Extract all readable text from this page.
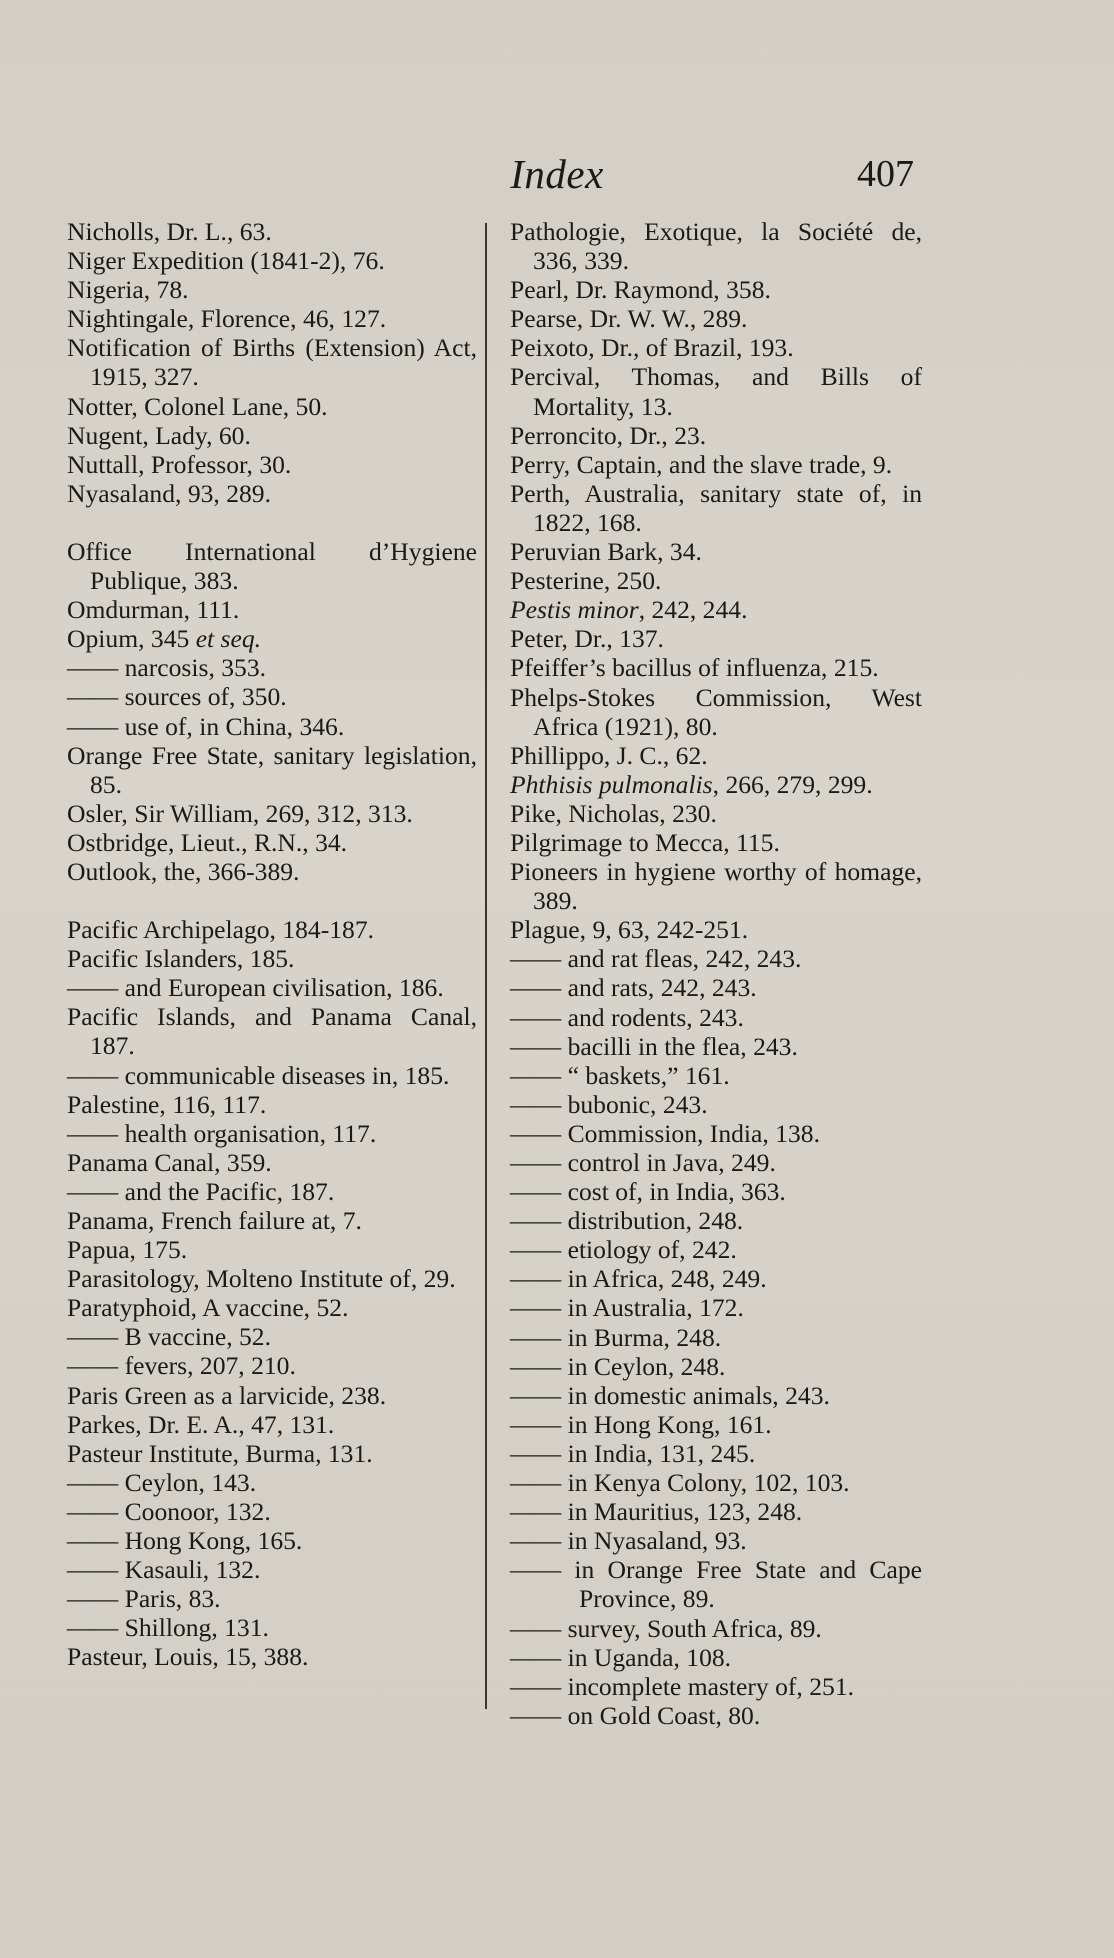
Index	407
Nicholls, Dr. L., 63.
Niger Expedition (1841-2), 76.
Nigeria, 78.
Nightingale, Florence, 46, 127.
Notification of Births (Extension) Act, 1915, 327.
Notter, Colonel Lane, 50.
Nugent, Lady, 60.
Nuttall, Professor, 30.
Nyasaland, 93, 289.
Office International d’Hygiene Publique, 383.
Omdurman, 111.
Opium, 345 et seq.
—— narcosis, 353.
—— sources of, 350.
—— use of, in China, 346.
Orange Free State, sanitary legislation, 85.
Osler, Sir William, 269, 312, 313.
Ostbridge, Lieut., R.N., 34.
Outlook, the, 366-389.
Pacific Archipelago, 184-187.
Pacific Islanders, 185.
—— and European civilisation, 186.
Pacific Islands, and Panama Canal, 187.
—— communicable diseases in, 185.
Palestine, 116, 117.
—— health organisation, 117.
Panama Canal, 359.
—— and the Pacific, 187.
Panama, French failure at, 7.
Papua, 175.
Parasitology, Molteno Institute of, 29.
Paratyphoid, A vaccine, 52.
—— B vaccine, 52.
—— fevers, 207, 210.
Paris Green as a larvicide, 238.
Parkes, Dr. E. A., 47, 131.
Pasteur Institute, Burma, 131.
—— Ceylon, 143.
—— Coonoor, 132.
—— Hong Kong, 165.
—— Kasauli, 132.
—— Paris, 83.
—— Shillong, 131.
Pasteur, Louis, 15, 388.
Pathologie, Exotique, la Société de, 336, 339.
Pearl, Dr. Raymond, 358.
Pearse, Dr. W. W., 289.
Peixoto, Dr., of Brazil, 193.
Percival, Thomas, and Bills of Mortality, 13.
Perroncito, Dr., 23.
Perry, Captain, and the slave trade, 9.
Perth, Australia, sanitary state of, in 1822, 168.
Peruvian Bark, 34.
Pesterine, 250.
Pestis minor, 242, 244.
Peter, Dr., 137.
Pfeiffer’s bacillus of influenza, 215.
Phelps-Stokes Commission, West Africa (1921), 80.
Phillippo, J. C., 62.
Phthisis pulmonalis, 266, 279, 299.
Pike, Nicholas, 230.
Pilgrimage to Mecca, 115.
Pioneers in hygiene worthy of homage, 389.
Plague, 9, 63, 242-251.
—— and rat fleas, 242, 243.
—— and rats, 242, 243.
—— and rodents, 243.
—— bacilli in the flea, 243.
—— “ baskets,” 161.
—— bubonic, 243.
—— Commission, India, 138.
—— control in Java, 249.
—— cost of, in India, 363.
—— distribution, 248.
—— etiology of, 242.
—— in Africa, 248, 249.
—— in Australia, 172.
—— in Burma, 248.
—— in Ceylon, 248.
—— in domestic animals, 243.
—— in Hong Kong, 161.
—— in India, 131, 245.
—— in Kenya Colony, 102, 103.
—— in Mauritius, 123, 248.
—— in Nyasaland, 93.
—— in Orange Free State and Cape Province, 89.
—— survey, South Africa, 89.
—— in Uganda, 108.
—— incomplete mastery of, 251.
—— on Gold Coast, 80.
